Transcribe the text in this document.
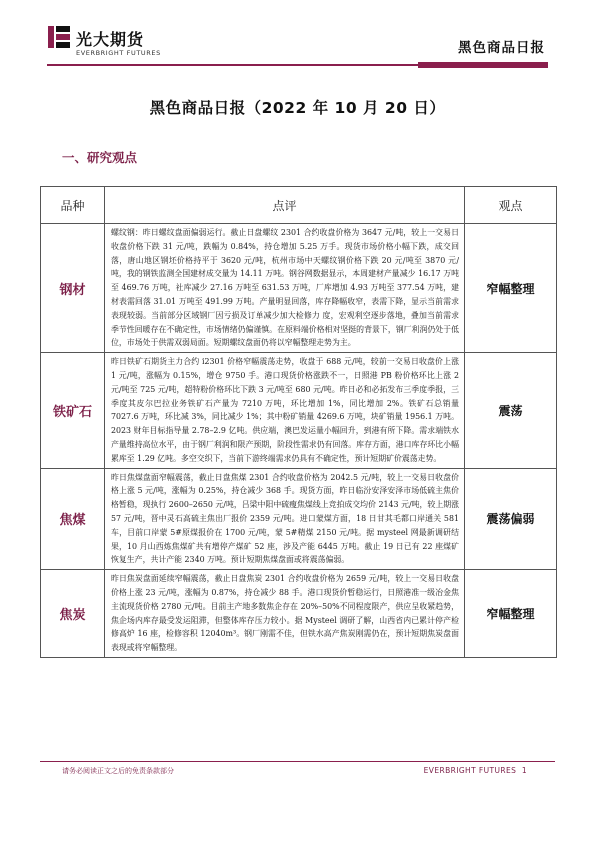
光大期货
EVERBRIGHT FUTURES	黑色商品日报
黑色商品日报（2022 年 10 月 20 日）
一、研究观点
品种	点评	观点
钢材	螺纹钢：昨日螺纹盘面偏弱运行。截止日盘螺纹 2301 合约收盘价格为 3647 元/吨，较上一交易日收盘价格下跌 31 元/吨，跌幅为 0.84%，持仓增加 5.25 万手。现货市场价格小幅下跌，成交回落，唐山地区钢坯价格持平于 3620 元/吨，杭州市场中天螺纹钢价格下跌 20 元/吨至 3870 元/吨，我的钢铁监测全国建材成交量为 14.11 万吨。钢谷网数据显示，本周建材产量减少 16.17 万吨至 469.76 万吨，社库减少 27.16 万吨至 631.53 万吨，厂库增加 4.93 万吨至 377.54 万吨，建材表需回落 31.01 万吨至 491.99 万吨。产量明显回落，库存降幅收窄，表需下降，显示当前需求表现较弱。当前部分区域钢厂因亏损及订单减少加大检修力 度，宏观利空逐步落地，叠加当前需求季节性回暖存在不确定性，市场情绪仍偏谨慎。在原料端价格相对坚挺的背景下，钢厂利润仍处于低位，市场处于供需双弱局面。短期螺纹盘面仍将以窄幅整理走势为主。	窄幅整理
铁矿石	昨日铁矿石期货主力合约 i2301 价格窄幅震荡走势，收盘于 688 元/吨，较前一交易日收盘价上涨 1 元/吨，涨幅为 0.15%，增仓 9750 手。港口现货价格涨跌不一，日照港 PB 粉价格环比上涨 2 元/吨至 725 元/吨，超特粉价格环比下跌 3 元/吨至 680 元/吨。昨日必和必拓发布三季度季报，三季度其皮尔巴拉业务铁矿石产量为 7210 万吨，环比增加 1%，同比增加 2%。铁矿石总销量 7027.6 万吨，环比减 3%，同比减少 1%；其中粉矿销量 4269.6 万吨，块矿销量 1956.1 万吨。2023 财年目标指导量 2.78–2.9 亿吨。供应端，澳巴发运量小幅回升，到港有所下降。需求端铁水产量维持高位水平，由于钢厂利润和限产预期，阶段性需求仍有回落。库存方面，港口库存环比小幅累库至 1.29 亿吨。多空交织下，当前下游终端需求仍具有不确定性，预计短期矿价震荡走势。	震荡
焦煤	昨日焦煤盘面窄幅震荡，截止日盘焦煤 2301 合约收盘价格为 2042.5 元/吨，较上一交易日收盘价格上涨 5 元/吨，涨幅为 0.25%，持仓减少 368 手。现货方面，昨日临汾安泽安泽市场低硫主焦价格暂稳，现执行 2600–2650 元/吨，吕梁中阳中硫瘦焦煤线上竞拍成交均价 2143 元/吨，较上期涨 57 元/吨，晋中灵石高硫主焦出厂报价 2359 元/吨。进口蒙煤方面，18 日甘其毛都口岸通关 581 车，目前口岸蒙 5#原煤报价在 1700 元/吨，蒙 5#精煤 2150 元/吨。据 mysteel 网最新调研结果，10 月山西炼焦煤矿共有增停产煤矿 52 座，涉及产能 6445 万吨。截止 19 日已有 22 座煤矿恢复生产，共计产能 2340 万吨。预计短期焦煤盘面或将震荡偏弱。	震荡偏弱
焦炭	昨日焦炭盘面延续窄幅震荡，截止日盘焦炭 2301 合约收盘价格为 2659 元/吨，较上一交易日收盘价格上涨 23 元/吨，涨幅为 0.87%，持仓减少 88 手。港口现货价暂稳运行，日照港准一级冶金焦主流现货价格 2780 元/吨。目前主产地多数焦企存在 20%–50%不同程度限产，供应呈收紧趋势，焦企场内库存最受发运阻滞，但整体库存压力较小。据 Mysteel 调研了解，山西省内已累计停产检修高炉 16 座，检修容积 12040m³。钢厂刚需不佳，但铁水高产焦炭刚需仍在，预计短期焦炭盘面表现或将窄幅整理。	窄幅整理
请务必阅读正文之后的免责条款部分	EVERBRIGHT FUTURES 1
